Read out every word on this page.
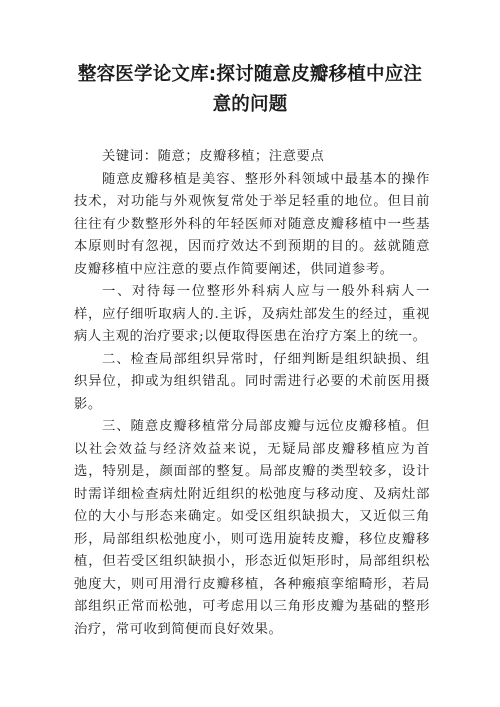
整容医学论文库:探讨随意皮瓣移植中应注
意的问题

关键词：随意；皮瓣移植；注意要点

随意皮瓣移植是美容、整形外科领域中最基本的操作技术，对功能与外观恢复常处于举足轻重的地位。但目前往往有少数整形外科的年轻医师对随意皮瓣移植中一些基本原则时有忽视，因而疗效达不到预期的目的。兹就随意皮瓣移植中应注意的要点作简要阐述，供同道参考。

一、对待每一位整形外科病人应与一般外科病人一样，应仔细听取病人的.主诉，及病灶部发生的经过，重视病人主观的治疗要求;以便取得医患在治疗方案上的统一。

二、检查局部组织异常时，仔细判断是组织缺损、组织异位，抑或为组织错乱。同时需进行必要的术前医用摄影。

三、随意皮瓣移植常分局部皮瓣与远位皮瓣移植。但以社会效益与经济效益来说，无疑局部皮瓣移植应为首选，特别是，颜面部的整复。局部皮瓣的类型较多，设计时需详细检查病灶附近组织的松弛度与移动度、及病灶部位的大小与形态来确定。如受区组织缺损大，又近似三角形，局部组织松弛度小，则可选用旋转皮瓣，移位皮瓣移植，但若受区组织缺损小，形态近似矩形时，局部组织松弛度大，则可用滑行皮瓣移植，各种瘢痕挛缩畸形，若局部组织正常而松弛，可考虑用以三角形皮瓣为基础的整形治疗，常可收到简便而良好效果。
